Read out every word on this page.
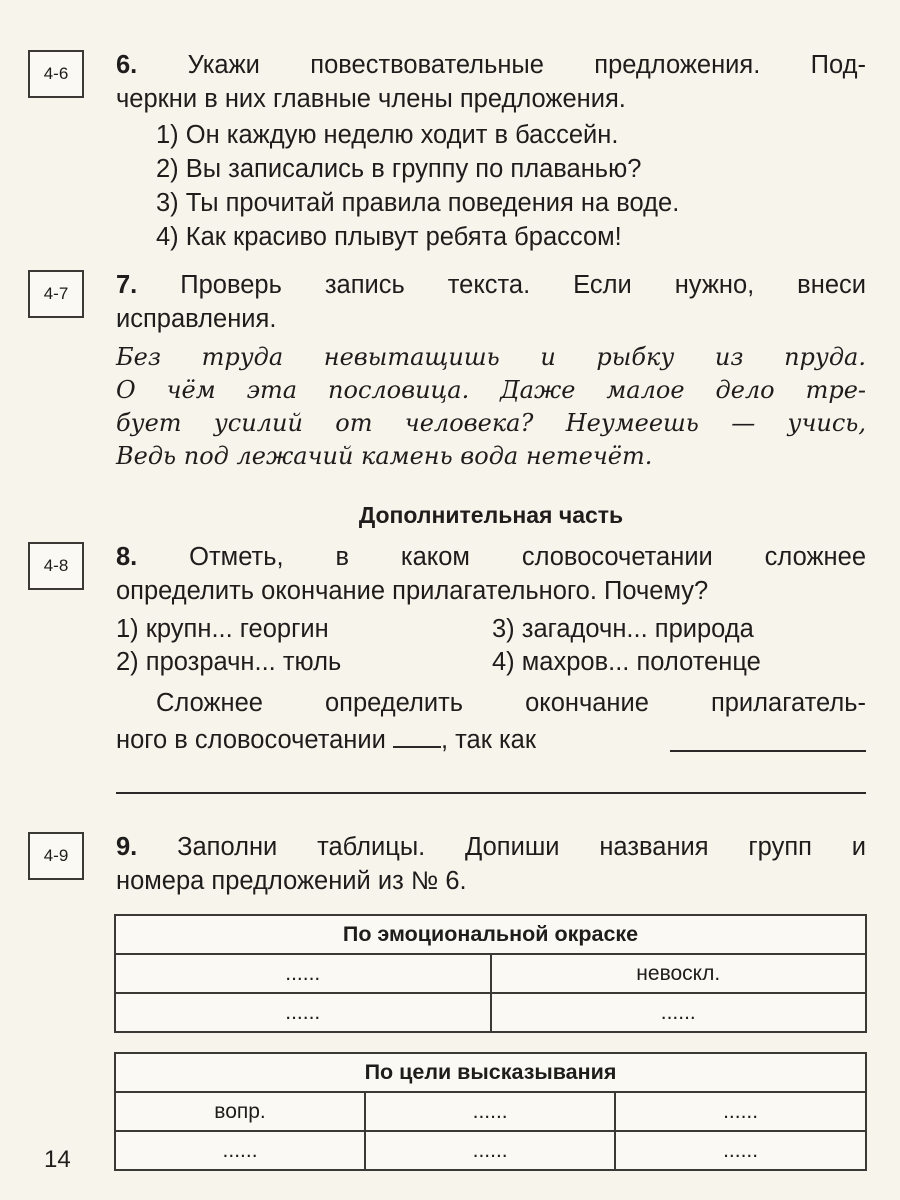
4-6	6. Укажи повествовательные предложения. Под-
черкни в них главные члены предложения.
1) Он каждую неделю ходит в бассейн.
2) Вы записались в группу по плаванью?
3) Ты прочитай правила поведения на воде.
4) Как красиво плывут ребята брассом!
4-7	7. Проверь запись текста. Если нужно, внеси
исправления.
Без труда невытащишь и рыбку из пруда.
О чём эта пословица. Даже малое дело тре-
бует усилий от человека? Неумеешь — учись,
Ведь под лежачий камень вода нетечёт.
Дополнительная часть
4-8	8. Отметь, в каком словосочетании сложнее
определить окончание прилагательного. Почему?
1) крупн... георгин
2) прозрачн... тюль
3) загадочн... природа
4) махров... полотенце
Сложнее определить окончание прилагатель-
ного в словосочетании , так как
4-9	9. Заполни таблицы. Допиши названия групп и
номера предложений из № 6.
По эмоциональной окраске	
......	невоскл.
......	......
По цели высказывания		
вопр.	......	......
......	......	......
14
